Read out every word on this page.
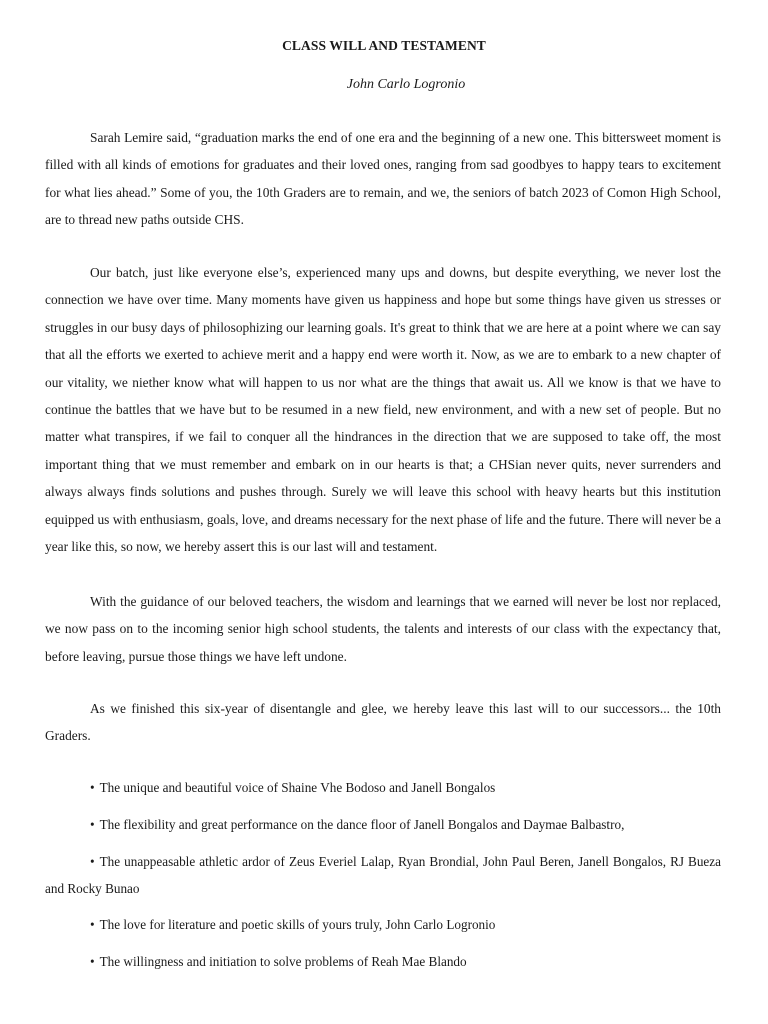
CLASS WILL AND TESTAMENT
John Carlo Logronio

Sarah Lemire said, “graduation marks the end of one era and the beginning of a new one. This bittersweet moment is filled with all kinds of emotions for graduates and their loved ones, ranging from sad goodbyes to happy tears to excitement for what lies ahead.” Some of you, the 10th Graders are to remain, and we, the seniors of batch 2023 of Comon High School, are to thread new paths outside CHS.

Our batch, just like everyone else’s, experienced many ups and downs, but despite everything, we never lost the connection we have over time. Many moments have given us happiness and hope but some things have given us stresses or struggles in our busy days of philosophizing our learning goals. It's great to think that we are here at a point where we can say that all the efforts we exerted to achieve merit and a happy end were worth it. Now, as we are to embark to a new chapter of our vitality, we niether know what will happen to us nor what are the things that await us. All we know is that we have to continue the battles that we have but to be resumed in a new field, new environment, and with a new set of people. But no matter what transpires, if we fail to conquer all the hindrances in the direction that we are supposed to take off, the most important thing that we must remember and embark on in our hearts is that; a CHSian never quits, never surrenders and always always finds solutions and pushes through. Surely we will leave this school with heavy hearts but this institution equipped us with enthusiasm, goals, love, and dreams necessary for the next phase of life and the future. There will never be a year like this, so now, we hereby assert this is our last will and testament.

With the guidance of our beloved teachers, the wisdom and learnings that we earned will never be lost nor replaced, we now pass on to the incoming senior high school students, the talents and interests of our class with the expectancy that, before leaving, pursue those things we have left undone.

As we finished this six-year of disentangle and glee, we hereby leave this last will to our successors... the 10th Graders.

• The unique and beautiful voice of Shaine Vhe Bodoso and Janell Bongalos
• The flexibility and great performance on the dance floor of Janell Bongalos and Daymae Balbastro,
• The unappeasable athletic ardor of Zeus Everiel Lalap, Ryan Brondial, John Paul Beren, Janell Bongalos, RJ Bueza and Rocky Bunao
• The love for literature and poetic skills of yours truly, John Carlo Logronio
• The willingness and initiation to solve problems of Reah Mae Blando
